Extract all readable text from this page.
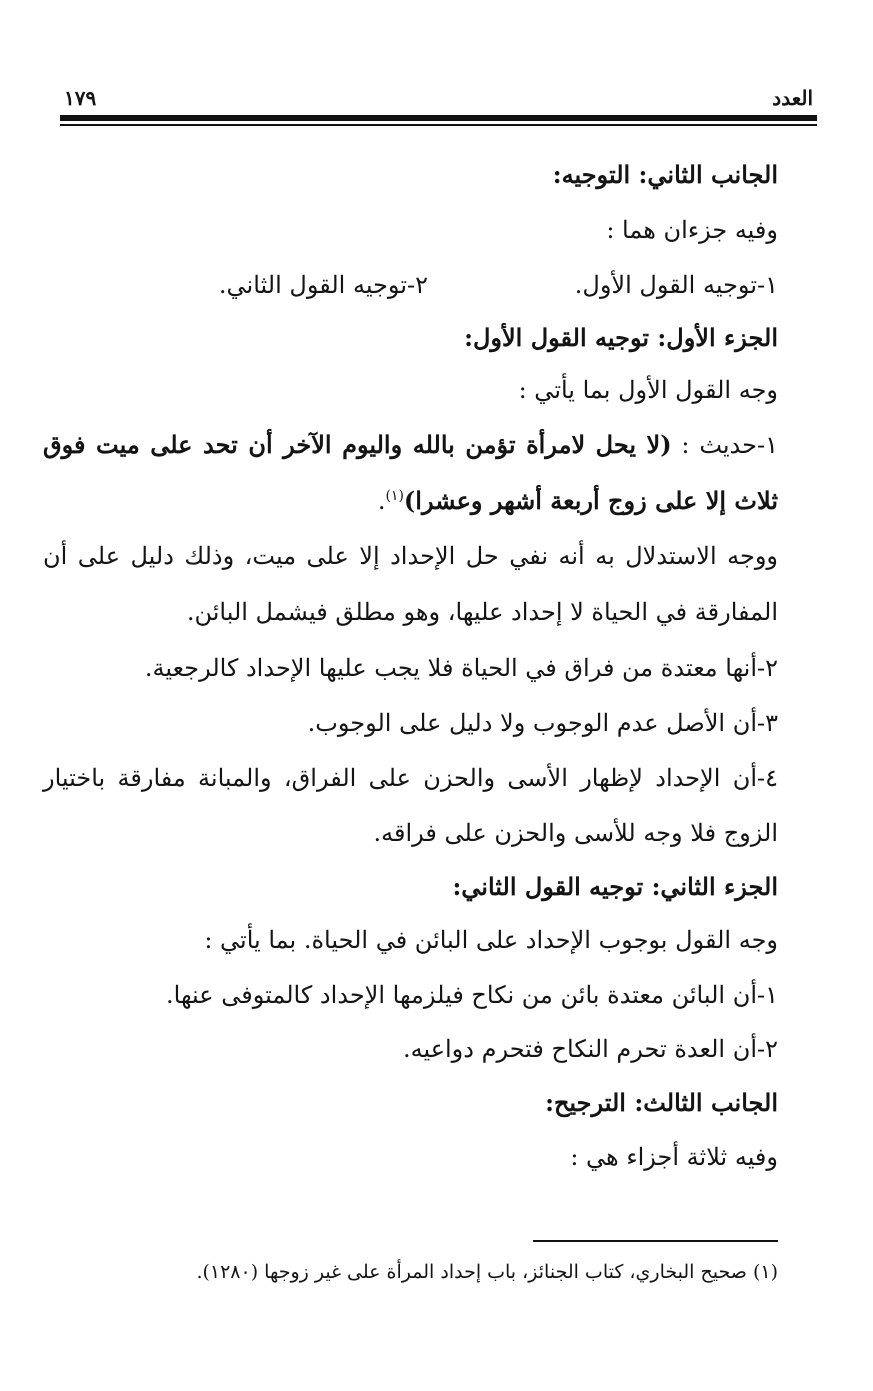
العدد
١٧٩
الجانب الثاني: التوجيه:
وفيه جزءان هما :
١-توجيه القول الأول.
٢-توجيه القول الثاني.
الجزء الأول: توجيه القول الأول:
وجه القول الأول بما يأتي :
١-حديث : (لا يحل لامرأة تؤمن بالله واليوم الآخر أن تحد على ميت فوق
ثلاث إلا على زوج أربعة أشهر وعشرا)$^{(١)}$.
ووجه الاستدلال به أنه نفي حل الإحداد إلا على ميت، وذلك دليل على أن
المفارقة في الحياة لا إحداد عليها، وهو مطلق فيشمل البائن.
٢-أنها معتدة من فراق في الحياة فلا يجب عليها الإحداد كالرجعية.
٣-أن الأصل عدم الوجوب ولا دليل على الوجوب.
٤-أن الإحداد لإظهار الأسى والحزن على الفراق، والمبانة مفارقة باختيار
الزوج فلا وجه للأسى والحزن على فراقه.
الجزء الثاني: توجيه القول الثاني:
وجه القول بوجوب الإحداد على البائن في الحياة. بما يأتي :
١-أن البائن معتدة بائن من نكاح فيلزمها الإحداد كالمتوفى عنها.
٢-أن العدة تحرم النكاح فتحرم دواعيه.
الجانب الثالث: الترجيح:
وفيه ثلاثة أجزاء هي :
(١) صحيح البخاري، كتاب الجنائز، باب إحداد المرأة على غير زوجها (١٢٨٠).
